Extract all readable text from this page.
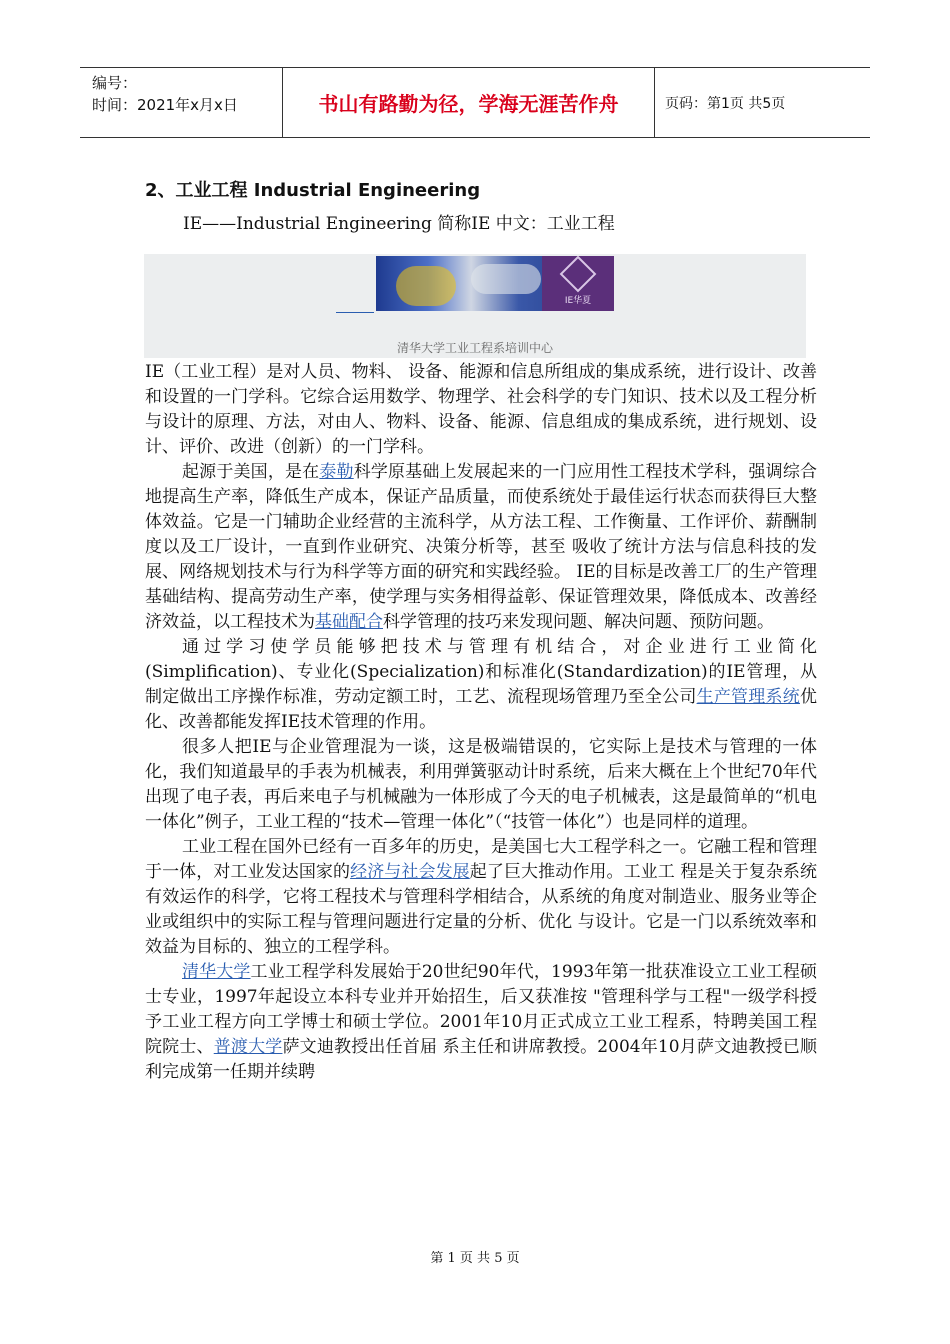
编号：
时间：2021年x月x日	书山有路勤为径，学海无涯苦作舟	页码：第1页 共5页
2、工业工程 Industrial Engineering
IE——Industrial Engineering 简称IE 中文：工业工程
IE华夏
清华大学工业工程系培训中心

IE（工业工程）是对人员、物料、 设备、能源和信息所组成的集成系统，进行设计、改善和设置的一门学科。它综合运用数学、物理学、社会科学的专门知识、技术以及工程分析与设计的原理、方法，对由人、物料、设备、能源、信息组成的集成系统，进行规划、设计、评价、改进（创新）的一门学科。

起源于美国，是在泰勒科学原基础上发展起来的一门应用性工程技术学科，强调综合地提高生产率，降低生产成本，保证产品质量，而使系统处于最佳运行状态而获得巨大整体效益。它是一门辅助企业经营的主流科学，从方法工程、工作衡量、工作评价、薪酬制度以及工厂设计，一直到作业研究、决策分析等，甚至 吸收了统计方法与信息科技的发展、网络规划技术与行为科学等方面的研究和实践经验。 IE的目标是改善工厂的生产管理基础结构、提高劳动生产率，使学理与实务相得益彰、保证管理效果，降低成本、改善经济效益，以工程技术为基础配合科学管理的技巧来发现问题、解决问题、预防问题。

通过学习使学员能够把技术与管理有机结合，对企业进行工业简化(Simplification)、专业化(Specialization)和标准化(Standardization)的IE管理，从制定做出工序操作标准，劳动定额工时，工艺、流程现场管理乃至全公司生产管理系统优化、改善都能发挥IE技术管理的作用。

很多人把IE与企业管理混为一谈，这是极端错误的，它实际上是技术与管理的一体化，我们知道最早的手表为机械表，利用弹簧驱动计时系统，后来大概在上个世纪70年代出现了电子表，再后来电子与机械融为一体形成了今天的电子机械表，这是最简单的“机电一体化”例子，工业工程的“技术—管理一体化”（“技管一体化”）也是同样的道理。

工业工程在国外已经有一百多年的历史，是美国七大工程学科之一。它融工程和管理于一体，对工业发达国家的经济与社会发展起了巨大推动作用。工业工 程是关于复杂系统有效运作的科学，它将工程技术与管理科学相结合，从系统的角度对制造业、服务业等企业或组织中的实际工程与管理问题进行定量的分析、优化 与设计。它是一门以系统效率和效益为目标的、独立的工程学科。

清华大学工业工程学科发展始于20世纪90年代，1993年第一批获准设立工业工程硕士专业，1997年起设立本科专业并开始招生，后又获准按 "管理科学与工程"一级学科授予工业工程方向工学博士和硕士学位。2001年10月正式成立工业工程系，特聘美国工程院院士、普渡大学萨文迪教授出任首届 系主任和讲席教授。2004年10月萨文迪教授已顺利完成第一任期并续聘

第 1 页 共 5 页
